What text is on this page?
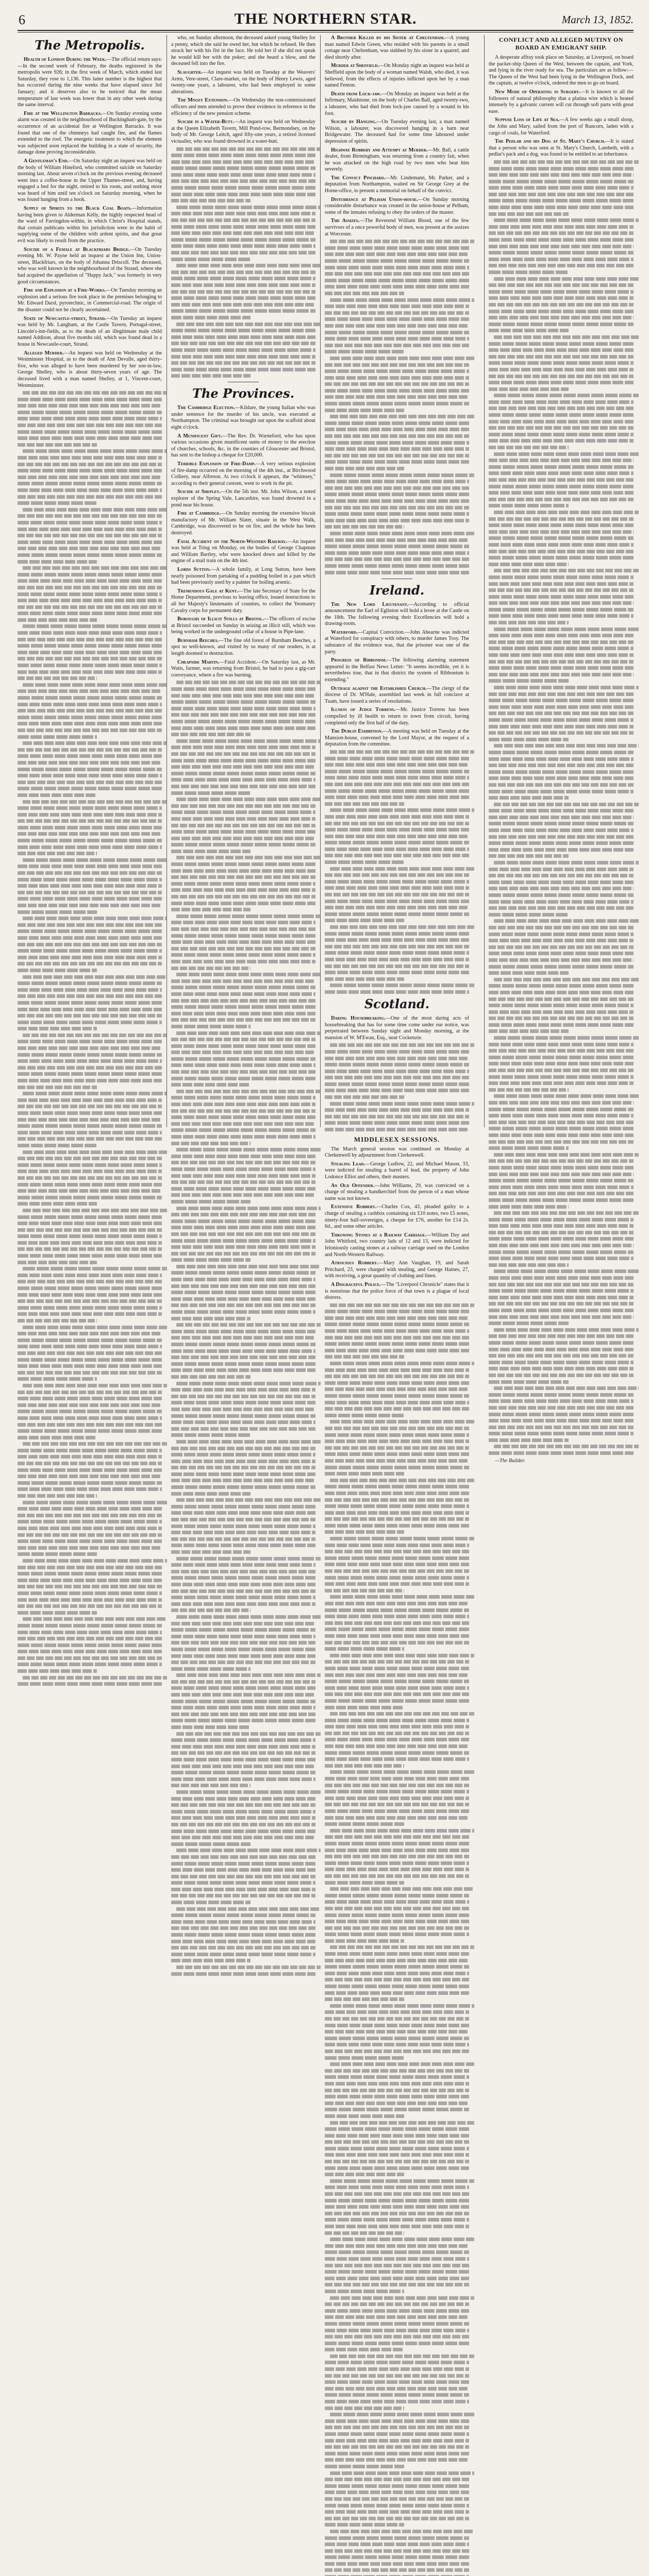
6	THE NORTHERN STAR.	March 13, 1852.
The Metropolis.

Health of London During the Week.—The official return says:—In the second week of February, the deaths registered in the metropolis were 926; in the first week of March, which ended last Saturday, they rose to 1,136. This latter number is the highest that has occurred during the nine weeks that have elapsed since 3rd January; and it deserves also to be noticed that the mean temperature of last week was lower than in any other week during the same interval.

Fire at the Wellington Barracks.—On Sunday evening some alarm was created in the neighbourhood of Buckingham-gate, by the occurrence of an accidental fire at Wellington Barracks. It was found that one of the chimneys had caught fire, and the flames extended to the roof. The energetic treatment to which the element was subjected soon replaced the building in a state of security, the damage done proving inconsiderable.

A Gentleman's End.—On Saturday night an inquest was held on the body of William Hineford, who committed suicide on Saturday morning last. About seven o'clock on the previous evening deceased went into a coffee-house in the Upper Thames-street, and, having engaged a bed for the night, retired to his room, and nothing more was heard of him until ten o'clock on Saturday morning, when he was found hanging from a hook.

Supply of Spirits to the Black Coal Boats.—Information having been given to Alderman Kelly, the highly respected head of the ward of Farringdon-within, in which Christ's Hospital stands, that certain publicans within his jurisdiction were in the habit of supplying some of the children with ardent spirits, and that great evil was likely to result from the practice.

Suicide of a Female at Blackfriars Bridge.—On Tuesday evening Mr. W. Payne held an inquest at the Union Inn, Union-street, Blackfriars, on the body of Johanna Driscoll. The deceased, who was well known in the neighbourhood of the Strand, where she had acquired the appellation of "Happy Jack," was formerly in very good circumstances.

Fire and Explosion at a Fire-Works.—On Tuesday morning an explosion and a serious fire took place in the premises belonging to Mr. Edward Darsl, pyrotechnic, in Commercial-road. The origin of the disaster could not be clearly ascertained.

State of Newcastle-street, Strand.—On Tuesday an inquest was held by Mr. Langham, at the Castle Tavern, Portugal-street, Lincoln's-inn-fields, as to the death of an illegitimate male child named Addison, about five months old, which was found dead in a house in Newcastle-court, Strand.

Alleged Murder.—An inquest was held on Wednesday at the Westminster Hospital, as to the death of Ann Devalle, aged thirty-five, who was alleged to have been murdered by her son-in-law, George Shelley, who is about thirty-seven years of age. The deceased lived with a man named Shelley, at 1, Vincent-court, Westminster.

who, on Sunday afternoon, the deceased asked young Shelley for a penny, which she said he owed her, but which he refused. He then struck her with his fist in the face. He told her if she did not speak he would kill her with the poker; and she heard a blow, and the deceased fell into the fire.

Slaughter.—An inquest was held on Tuesday at the Weavers' Arms, Vere-street, Clare-market, on the body of Henry Lewis, aged twenty-one years, a labourer, who had been employed in some alterations.

The Mnozy Extension.—On Wednesday the non-commissioned officers and men attended to prove their evidence in reference to the efficiency of the new pension scheme.

Suicide in a Water-Butt.—An inquest was held on Wednesday at the Queen Elizabeth Tavern, Mill Pond-row, Bermondsey, on the body of Mr. George Leitch, aged fifty-one years, a retired licensed victualler, who was found drowned in a water-butt.

The Provinces.

The Cambridge Election.—Kildare, the young Italian who was under sentence for the murder of his uncle, was executed at Northampton. The criminal was brought out upon the scaffold about eight o'clock.

A Munificent Gift.—The Rev. Dr. Warneford, who has upon various occasions given munificent sums of money to the erection of churches, schools, &c. in the counties of Gloucester and Bristol, has sent to the bishop a cheque for £20,000.

Terrible Explosion of Fire-Damp.—A very serious explosion of fire-damp occurred on the morning of the 4th inst., at Birchwood Colliery, near Alfreton. At two o'clock it appears, the "whimsey," according to their general custom, went to work in the pit.

Suicide at Shepley.—On the 5th inst. Mr. John Wilson, a noted explorer of the Spring Vale, Lancashire, was found drowned in a pond near his house.

Fire at Cambridge.—On Sunday morning the extensive biscuit manufactory of Mr. William Slater, situate in the West Walk, Cambridge, was discovered to be on fire, and the whole has been destroyed.

Fatal Accident on the North-Western Railway.—An inquest was held at Tring on Monday, on the bodies of George Chapman and William Bartley, who were knocked down and killed by the engine of a mail train on the 4th inst.

Lords Sutton.—A whole family, at Long Sutton, have been nearly poisoned from partaking of a pudding boiled in a pan which had been previously used by a painter for boiling arsenic.

Tremendous Gale at Kent.—The late Secretary of State for the Home Department, previous to leaving office, issued instructions to all her Majesty's lieutenants of counties, to collect the Yeomanry Cavalry corps for permanent duty.

Boroughs of Illicit Stills at Bristol.—The officers of excise at Bristol succeeded on Sunday in seizing an illicit still, which was being worked in the underground cellar of a house in Pipe-lane.

Burnham Beeches.—The fine old forest of Burnham Beeches, a spot so well-known, and visited by so many of our readers, is at length doomed to destruction.

Cheapside Martin.—Fatal Accident.—On Saturday last, as Mr. Watts, farmer, was returning from Bristol, he had to pass a gig-cart conveyance, where a fire was burning.

A Brother Killed by his Sister at Cheltenham.—A young man named Edwin Green, who resided with his parents in a small cottage near Cheltenham, was stabbed by his sister in a quarrel, and died shortly after.

Murder at Sheffield.—On Monday night an inquest was held at Sheffield upon the body of a woman named Walsh, who died, it was believed, from the effects of injuries inflicted upon her by a man named Fenton.

Death from Lock-jaw.—On Monday an inquest was held at the Infirmary, Maidstone, on the body of Charles Ball, aged twenty-two, a labourer, who had died from lock-jaw caused by a wound in his foot.

Suicide by Hanging.—On Tuesday evening last, a man named Wilson, a labourer, was discovered hanging in a barn near Bridgewater. The deceased had for some time laboured under depression of spirits.

Highway Robbery and Attempt at Murder.—Mr. Ball, a cattle dealer, from Birmingham, was returning from a country fair, when he was attacked on the high road by two men who beat him severely.

The Convict Pinchard.—Mr. Lindemann, Mr. Parker, and a deputation from Northampton, waited on Sir George Grey at the Home-office, to present a memorial on behalf of the convict.

Disturbance at Pelham Union-house.—On Sunday morning considerable disturbance was created in the union-house at Pelham, some of the inmates refusing to obey the orders of the master.

The Assizes.—The Reverend William Blood, one of the few survivors of a once powerful body of men, was present at the assizes at Worcester.

Ireland.

The New Lord Lieutenant.—According to official announcement the Earl of Eglinton will hold a levee at the Castle on the 18th. The following evening their Excellencies will hold a drawing-room.

Waterford.—Capital Conviction.—John Ahearne was indicted at Waterford for conspiracy with others, to murder James Troy. The substance of the evidence was, that the prisoner was one of the party.

Progress of Ribbonism.—The following alarming statement appeared in the Belfast News Letter: "It seems incredible, yet it is nevertheless true, that in that district the system of Ribbonism is extending."

Outrage against the Established Church.—The clergy of the diocese of Dr. M'Hale, assembled last week in full conclave at Tuam, have issued a series of resolutions.

Illness of Judge Torrens.—Mr. Justice Torrens has been compelled by ill health to return to town from circuit, having completed only the first half of the duty.

The Dublin Exhibition.—A meeting was held on Tuesday at the Mansion-house, convened by the Lord Mayor, at the request of a deputation from the committee.

Scotland.

Daring Housebreaking.—One of the most daring acts of housebreaking that has for some time come under our notice, was perpetrated between Sunday night and Monday morning, at the mansion of W. M'Ewan, Esq., near Cockenzie.

MIDDLESEX SESSIONS.

The March general session was continued on Monday at Clerkenwell by adjournment from Clerkenwell.

Stealing Lead.—George Ludlow, 22, and Michael Mason, 33, were indicted for stealing a barrel of lead, the property of John Lodonce Elliot and others, their masters.

An Old Offender.—John Williams, 29, was convicted on a charge of stealing a handkerchief from the person of a man whose name was not known.

Extensive Robbery.—Charles Cox, 43, pleaded guilty to a charge of stealing a cashbox containing six £10 notes, two £5 notes, ninety-four half-sovereigns, a cheque for £76, another for £14 2s. 6d., and some other articles.

Throwing Stones at a Railway Carriage.—William Day and John Whitford, two country lads of 12 and 13, were indicted for feloniously casting stones at a railway carriage used on the London and North-Western Railway.

Atrocious Robbery.—Mary Ann Vaughan, 19, and Sarah Pritchard, 23, were charged with stealing, and George Haines, 27, with receiving, a great quantity of clothing and linen.

A Disgraceful Police.—The "Liverpool Chronicle" states that it is notorious that the police force of that town is a plague of local distress.

CONFLICT AND ALLEGED MUTINY ON BOARD AN EMIGRANT SHIP.

A desperate affray took place on Saturday, at Liverpool, on board the packet-ship Queen of the West, between the captain, and York, and lying in the river ready for sea. The particulars are as follow:—The Queen of the West had been lying in the Wellington Dock, and the captain, at twelve o'clock, ordered the men to go on board.

New Mode of Operating in Surgery.—It is known to all the followers of natural philosophy that a platina wire which is heated intensely by a galvanic current will cut through soft parts with great ease.

Suppose Loss of Life at Sea.—A few weeks ago a small sloop, the John and Mary, sailed from the port of Runcorn, laden with a cargo of coals, for Waterford.

The Pedlar and his Dog at St. Mary's Church.—It is stated that a person who was seen at St. Mary's Church, Lambeth, with a pedlar's pack and a dog, was found to be entitled to an inheritance.

—The Builder.
